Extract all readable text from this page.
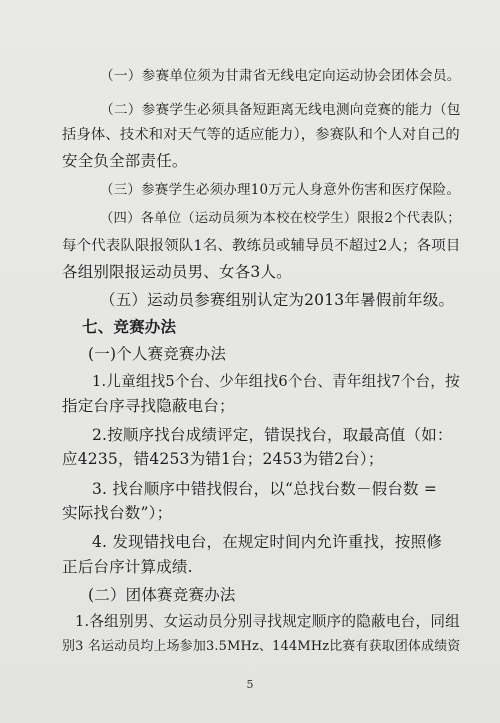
（一）参赛单位须为甘肃省无线电定向运动协会团体会员。
（二）参赛学生必须具备短距离无线电测向竞赛的能力（包
括身体、技术和对天气等的适应能力），参赛队和个人对自己的
安全负全部责任。
（三）参赛学生必须办理10万元人身意外伤害和医疗保险。
（四）各单位（运动员须为本校在校学生）限报2个代表队；
每个代表队限报领队1名、教练员或辅导员不超过2人；各项目
各组别限报运动员男、女各3人。
（五）运动员参赛组别认定为2013年暑假前年级。
七、竞赛办法
(一)个人赛竞赛办法
1.儿童组找5个台、少年组找6个台、青年组找7个台，按
指定台序寻找隐蔽电台；
2.按顺序找台成绩评定，错误找台，取最高值（如：
应4235，错4253为错1台；2453为错2台）；
3. 找台顺序中错找假台，以“总找台数－假台数 =
实际找台数”）；
4. 发现错找电台，在规定时间内允许重找，按照修
正后台序计算成绩.
(二）团体赛竞赛办法
1.各组别男、女运动员分别寻找规定顺序的隐蔽电台，同组
别3 名运动员均上场参加3.5MHz、144MHz比赛有获取团体成绩资
5
